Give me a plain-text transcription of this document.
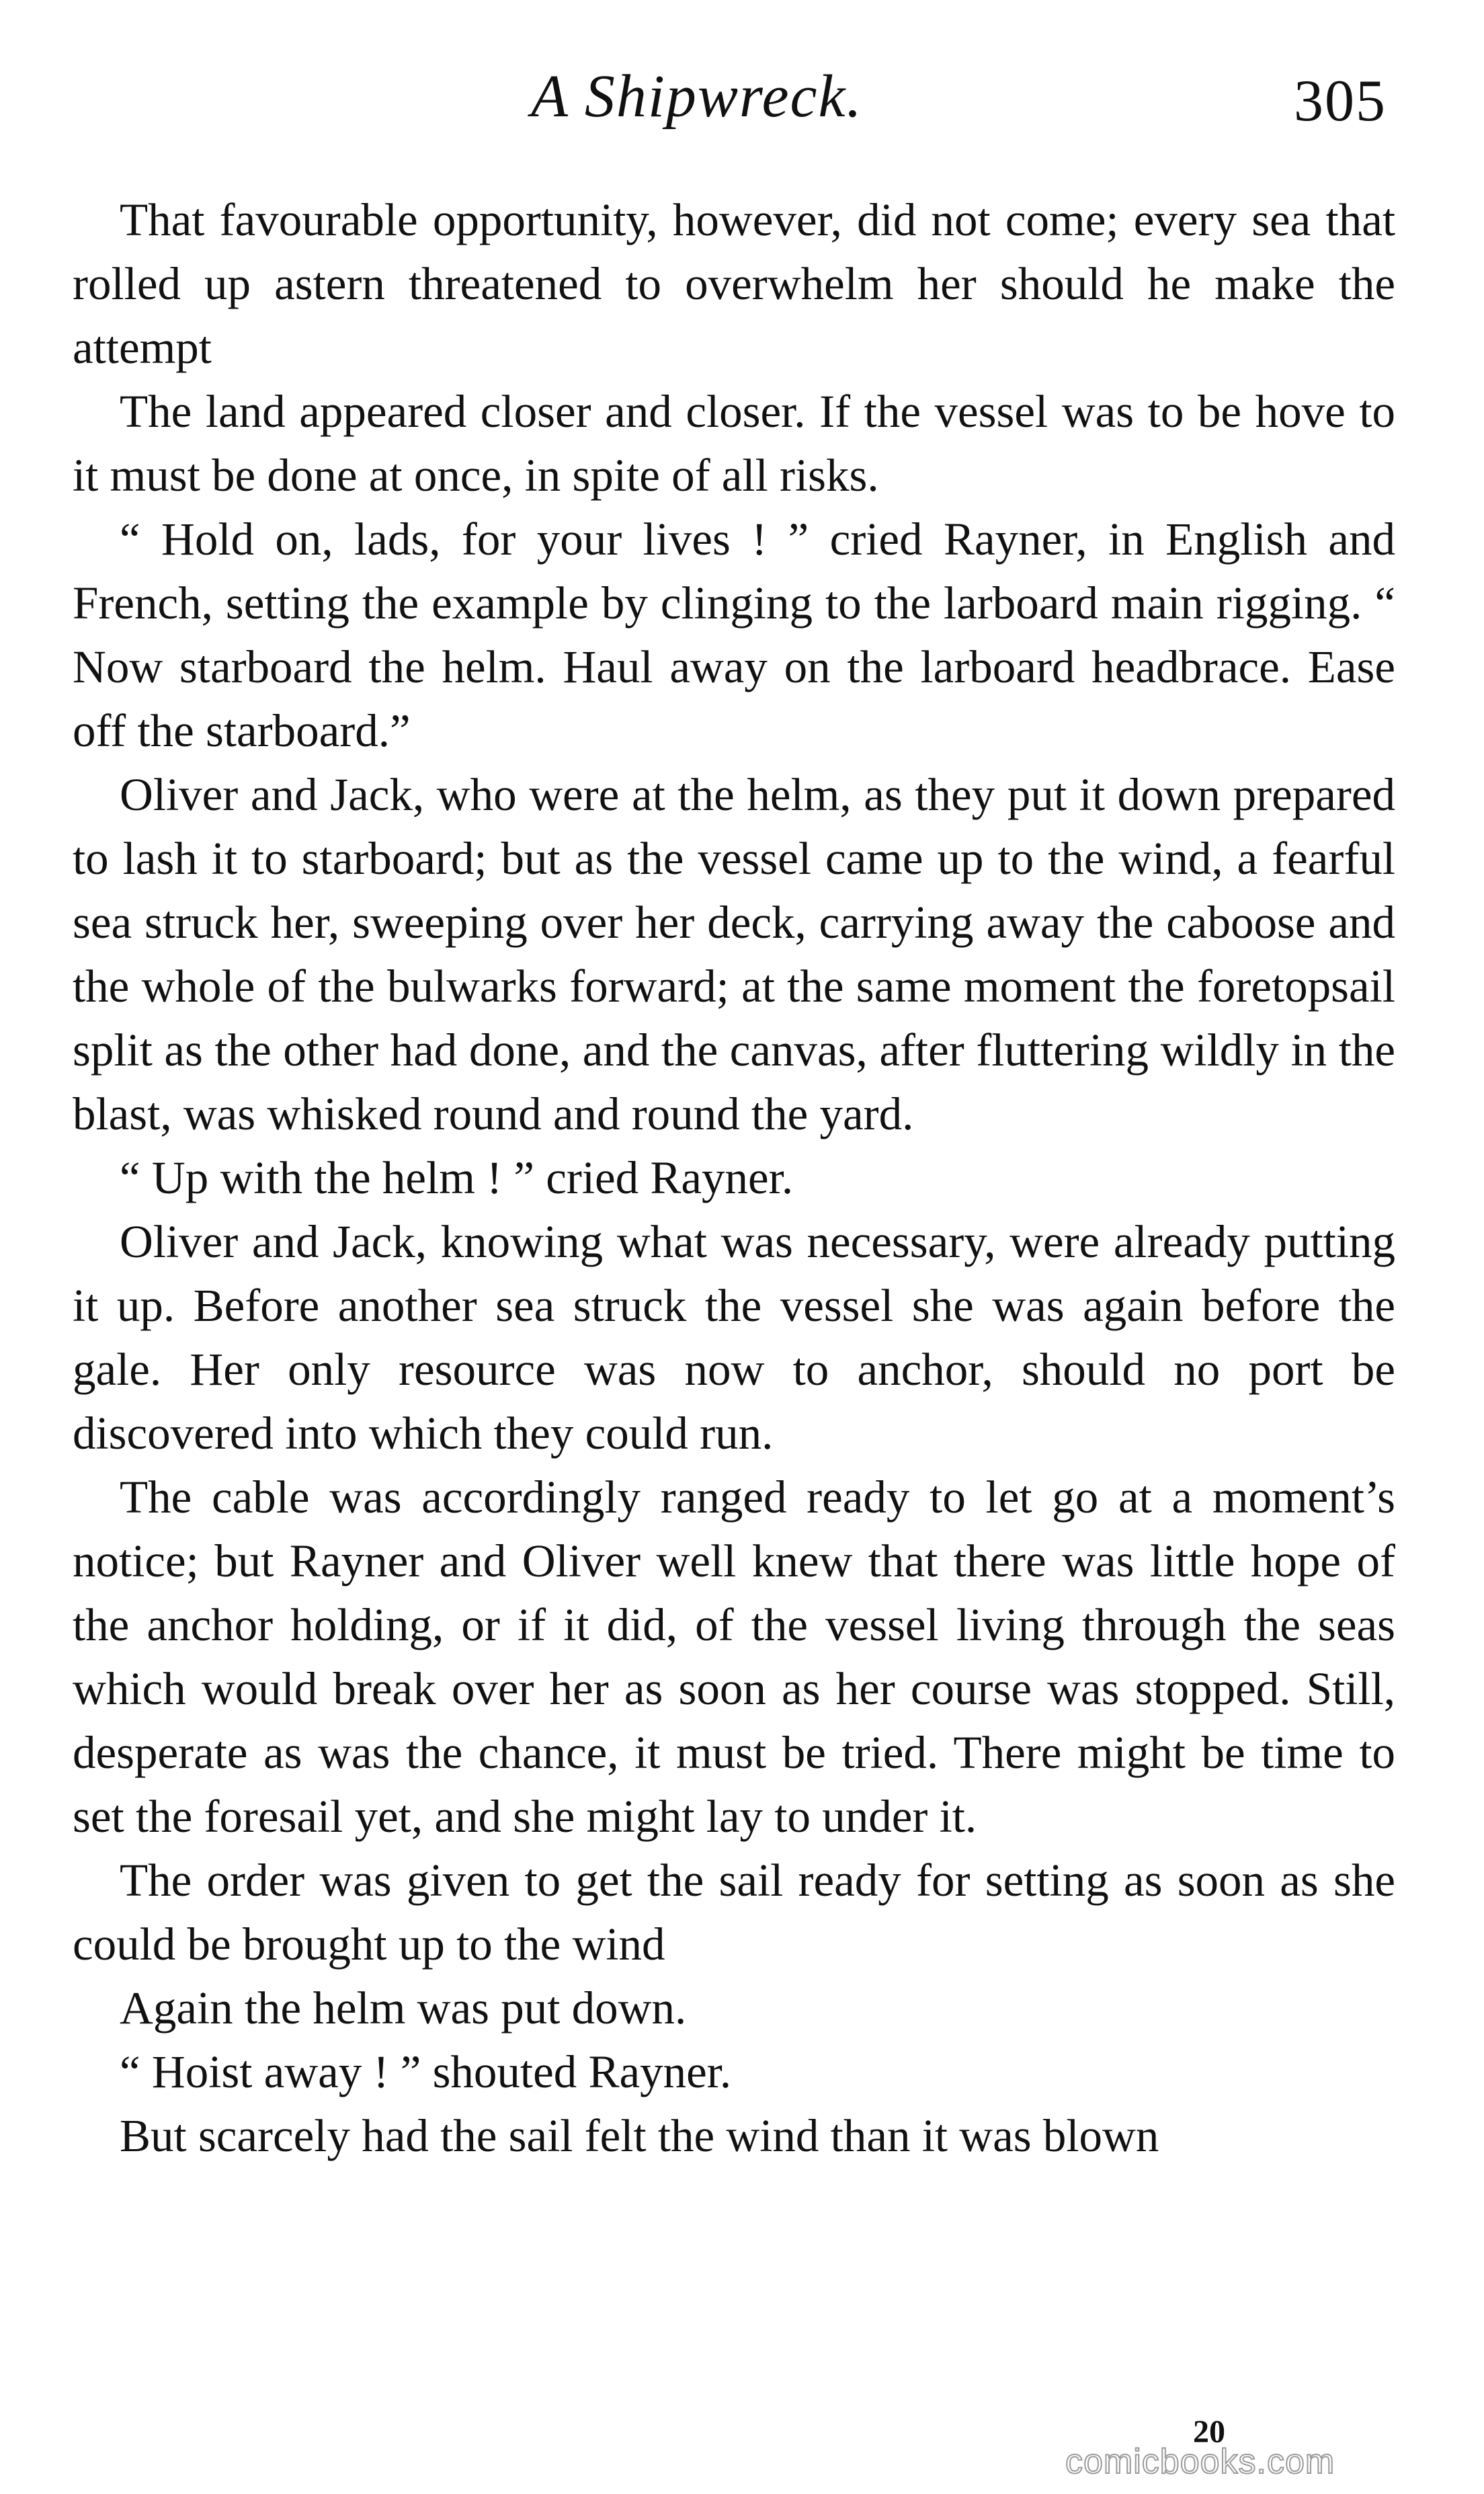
A Shipwreck.	305

That favourable opportunity, however, did not come; every sea that rolled up astern threatened to overwhelm her should he make the attempt

The land appeared closer and closer. If the vessel was to be hove to it must be done at once, in spite of all risks.

“ Hold on, lads, for your lives ! ” cried Rayner, in English and French, setting the example by clinging to the larboard main rigging. “ Now starboard the helm. Haul away on the larboard headbrace. Ease off the starboard.”

Oliver and Jack, who were at the helm, as they put it down prepared to lash it to starboard; but as the vessel came up to the wind, a fearful sea struck her, sweeping over her deck, carrying away the caboose and the whole of the bulwarks forward; at the same moment the foretopsail split as the other had done, and the canvas, after fluttering wildly in the blast, was whisked round and round the yard.

“ Up with the helm ! ” cried Rayner.

Oliver and Jack, knowing what was necessary, were already putting it up. Before another sea struck the vessel she was again before the gale. Her only resource was now to anchor, should no port be discovered into which they could run.

The cable was accordingly ranged ready to let go at a moment’s notice; but Rayner and Oliver well knew that there was little hope of the anchor holding, or if it did, of the vessel living through the seas which would break over her as soon as her course was stopped. Still, desperate as was the chance, it must be tried. There might be time to set the foresail yet, and she might lay to under it.

The order was given to get the sail ready for setting as soon as she could be brought up to the wind

Again the helm was put down.

“ Hoist away ! ” shouted Rayner.

But scarcely had the sail felt the wind than it was blown

20
comicbooks.com
